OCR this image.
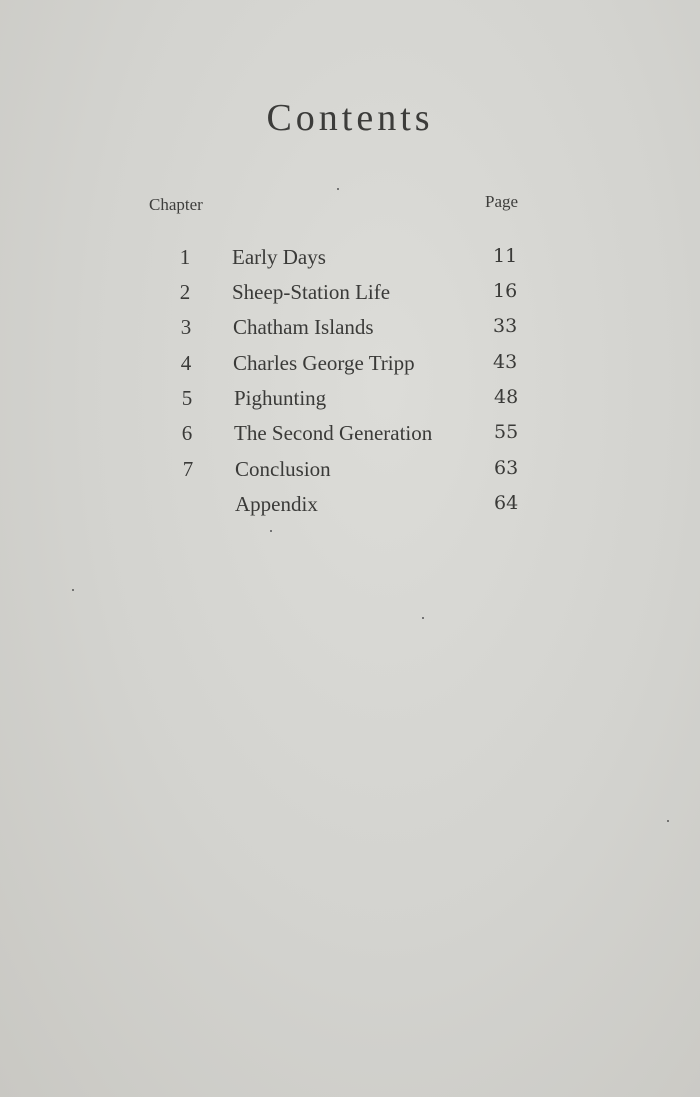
Contents
Chapter	Page
1 Early Days	11
2 Sheep-Station Life	16
3 Chatham Islands	33
4 Charles George Tripp	43
5 Pighunting	48
6 The Second Generation	55
7 Conclusion	63
Appendix	64
